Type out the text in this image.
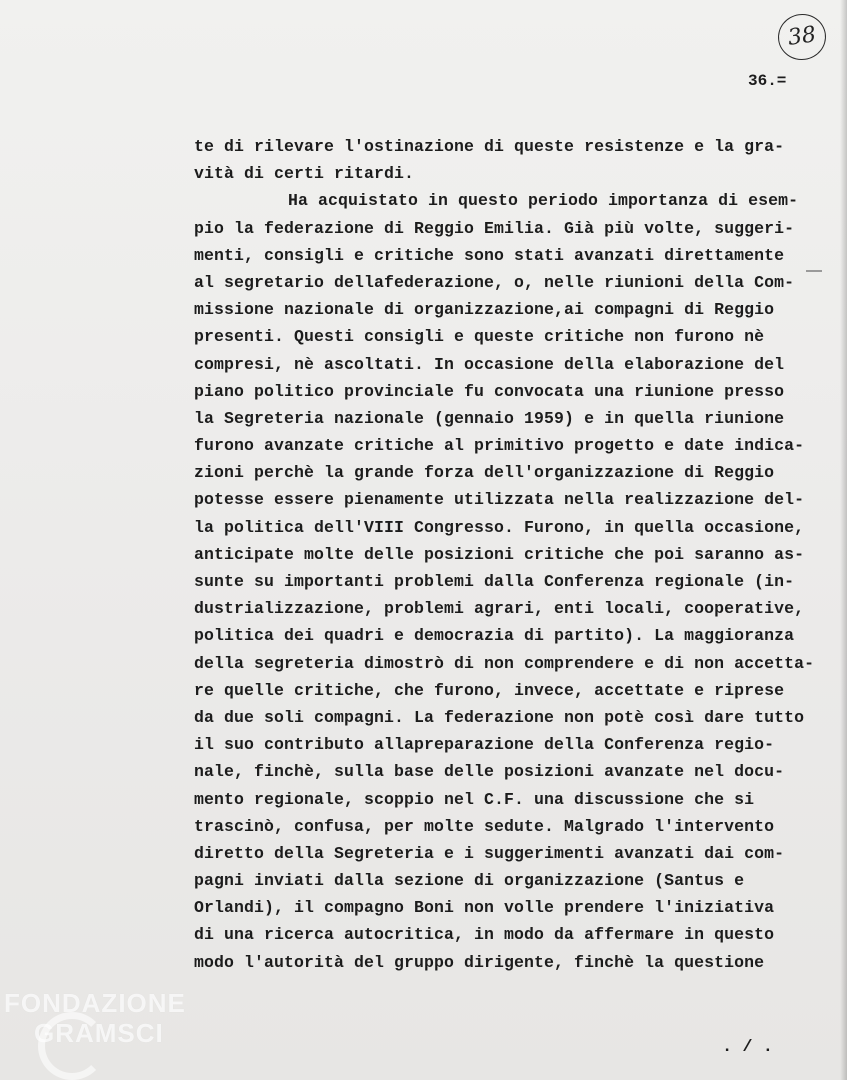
38
36.=
te di rilevare l'ostinazione di queste resistenze e la gra-
vità di certi ritardi.
Ha acquistato in questo periodo importanza di esem-
pio la federazione di Reggio Emilia. Già più volte, suggeri-
menti, consigli e critiche sono stati avanzati direttamente
al segretario dellafederazione, o, nelle riunioni della Com-
missione nazionale di organizzazione,ai compagni di Reggio
presenti. Questi consigli e queste critiche non furono nè
compresi, nè ascoltati. In occasione della elaborazione del
piano politico provinciale fu convocata una riunione presso
la Segreteria nazionale (gennaio 1959) e in quella riunione
furono avanzate critiche al primitivo progetto e date indica-
zioni perchè la grande forza dell'organizzazione di Reggio
potesse essere pienamente utilizzata nella realizzazione del-
la politica dell'VIII Congresso. Furono, in quella occasione,
anticipate molte delle posizioni critiche che poi saranno as-
sunte su importanti problemi dalla Conferenza regionale (in-
dustrializzazione, problemi agrari, enti locali, cooperative,
politica dei quadri e democrazia di partito). La maggioranza
della segreteria dimostrò di non comprendere e di non accetta-
re quelle critiche, che furono, invece, accettate e riprese
da due soli compagni. La federazione non potè così dare tutto
il suo contributo allapreparazione della Conferenza regio-
nale, finchè, sulla base delle posizioni avanzate nel docu-
mento regionale, scoppio nel C.F. una discussione che si
trascinò, confusa, per molte sedute. Malgrado l'intervento
diretto della Segreteria e i suggerimenti avanzati dai com-
pagni inviati dalla sezione di organizzazione (Santus e
Orlandi), il compagno Boni non volle prendere l'iniziativa
di una ricerca autocritica, in modo da affermare in questo
modo l'autorità del gruppo dirigente, finchè la questione
FONDAZIONE
GRAMSCI	. / .
